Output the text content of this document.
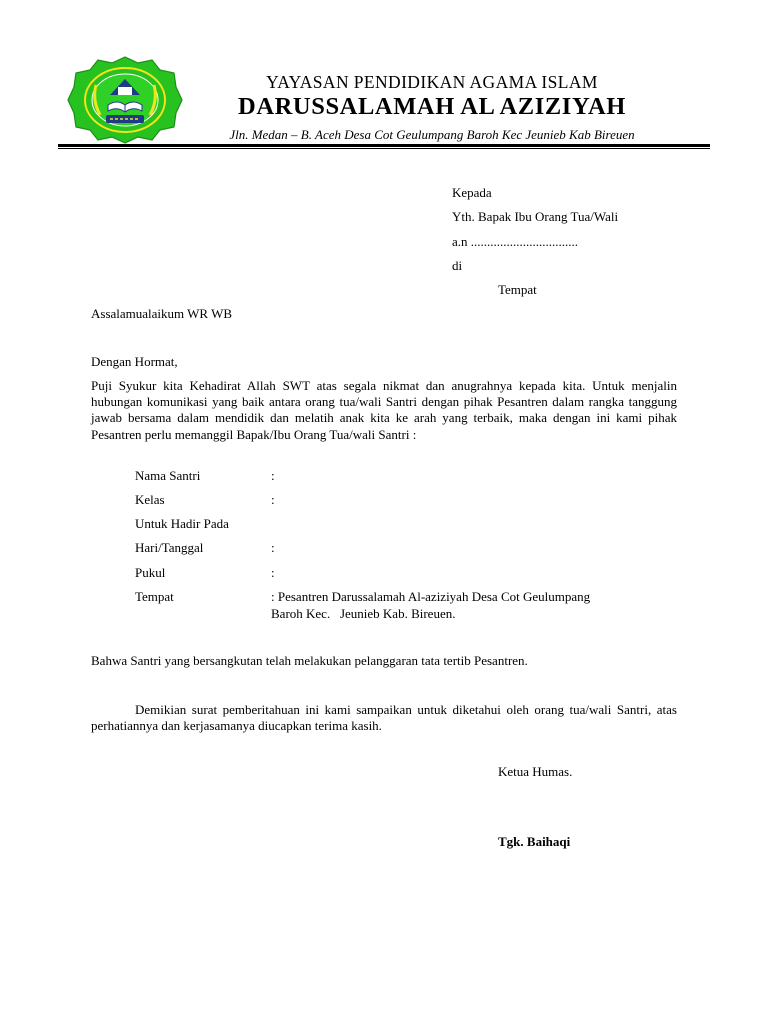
YAYASAN PENDIDIKAN AGAMA ISLAM
DARUSSALAMAH AL AZIZIYAH
Jln. Medan – B. Aceh Desa Cot Geulumpang Baroh Kec Jeunieb Kab Bireuen
Kepada
Yth. Bapak Ibu Orang Tua/Wali
a.n .................................
di
Tempat
Assalamualaikum WR WB
Dengan Hormat,
Puji Syukur kita Kehadirat Allah SWT atas segala nikmat dan anugrahnya kepada kita. Untuk menjalin hubungan komunikasi yang baik antara orang tua/wali Santri dengan pihak Pesantren dalam rangka tanggung jawab bersama dalam mendidik dan melatih anak kita ke arah yang terbaik, maka dengan ini kami pihak Pesantren perlu memanggil Bapak/Ibu Orang Tua/wali Santri :
Nama Santri	:
Kelas	:
Untuk Hadir Pada
Hari/Tanggal	:
Pukul	:
Tempat	: Pesantren Darussalamah Al-aziziyah Desa Cot Geulumpang
Baroh Kec.   Jeunieb Kab. Bireuen.
Bahwa Santri yang bersangkutan telah melakukan pelanggaran tata tertib Pesantren.
Demikian surat pemberitahuan ini kami sampaikan untuk diketahui oleh orang tua/wali Santri, atas perhatiannya dan kerjasamanya diucapkan terima kasih.
Ketua Humas.
Tgk. Baihaqi
